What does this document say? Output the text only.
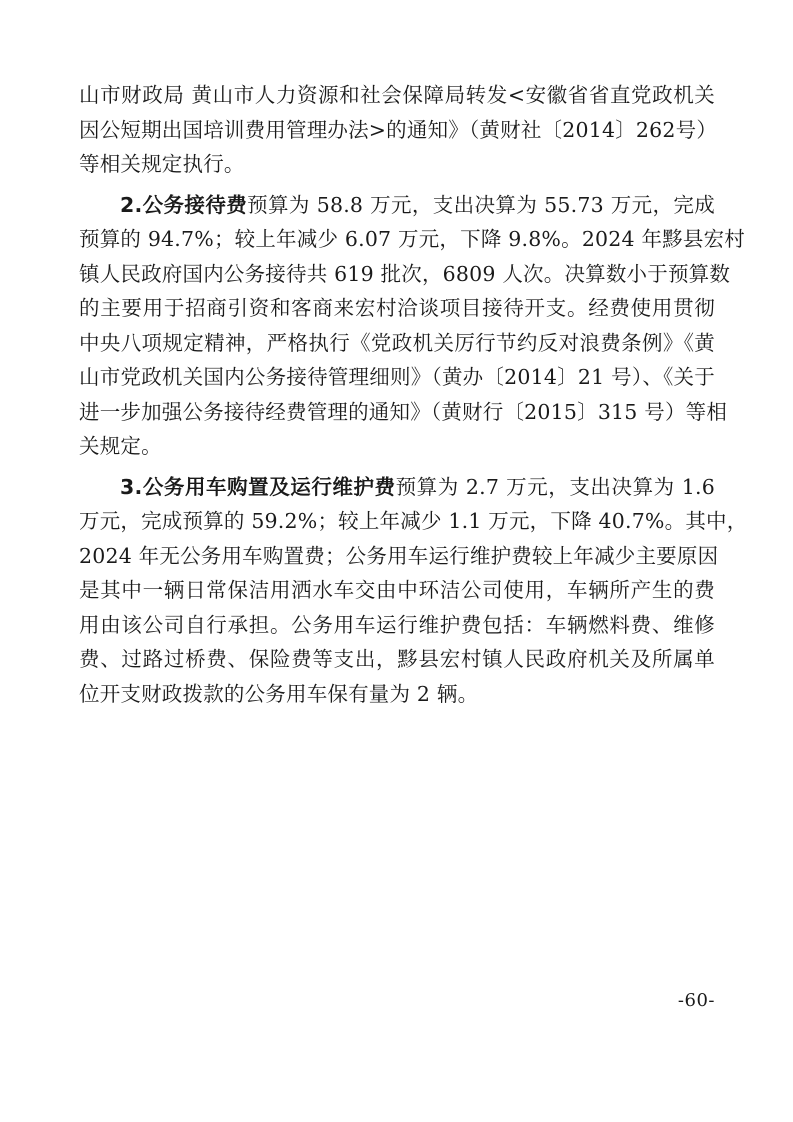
山市财政局 黄山市人力资源和社会保障局转发<安徽省省直党政机关
因公短期出国培训费用管理办法>的通知》（黄财社〔2014〕262号）
等相关规定执行。
2.公务接待费预算为 58.8 万元，支出决算为 55.73 万元，完成
预算的 94.7%；较上年减少 6.07 万元，下降 9.8%。2024 年黟县宏村
镇人民政府国内公务接待共 619 批次，6809 人次。决算数小于预算数
的主要用于招商引资和客商来宏村洽谈项目接待开支。经费使用贯彻
中央八项规定精神，严格执行《党政机关厉行节约反对浪费条例》《黄
山市党政机关国内公务接待管理细则》（黄办〔2014〕21 号）、《关于
进一步加强公务接待经费管理的通知》（黄财行〔2015〕315 号）等相
关规定。
3.公务用车购置及运行维护费预算为 2.7 万元，支出决算为 1.6
万元，完成预算的 59.2%；较上年减少 1.1 万元，下降 40.7%。其中，
2024 年无公务用车购置费；公务用车运行维护费较上年减少主要原因
是其中一辆日常保洁用洒水车交由中环洁公司使用，车辆所产生的费
用由该公司自行承担。公务用车运行维护费包括：车辆燃料费、维修
费、过路过桥费、保险费等支出，黟县宏村镇人民政府机关及所属单
位开支财政拨款的公务用车保有量为 2 辆。
-60-
